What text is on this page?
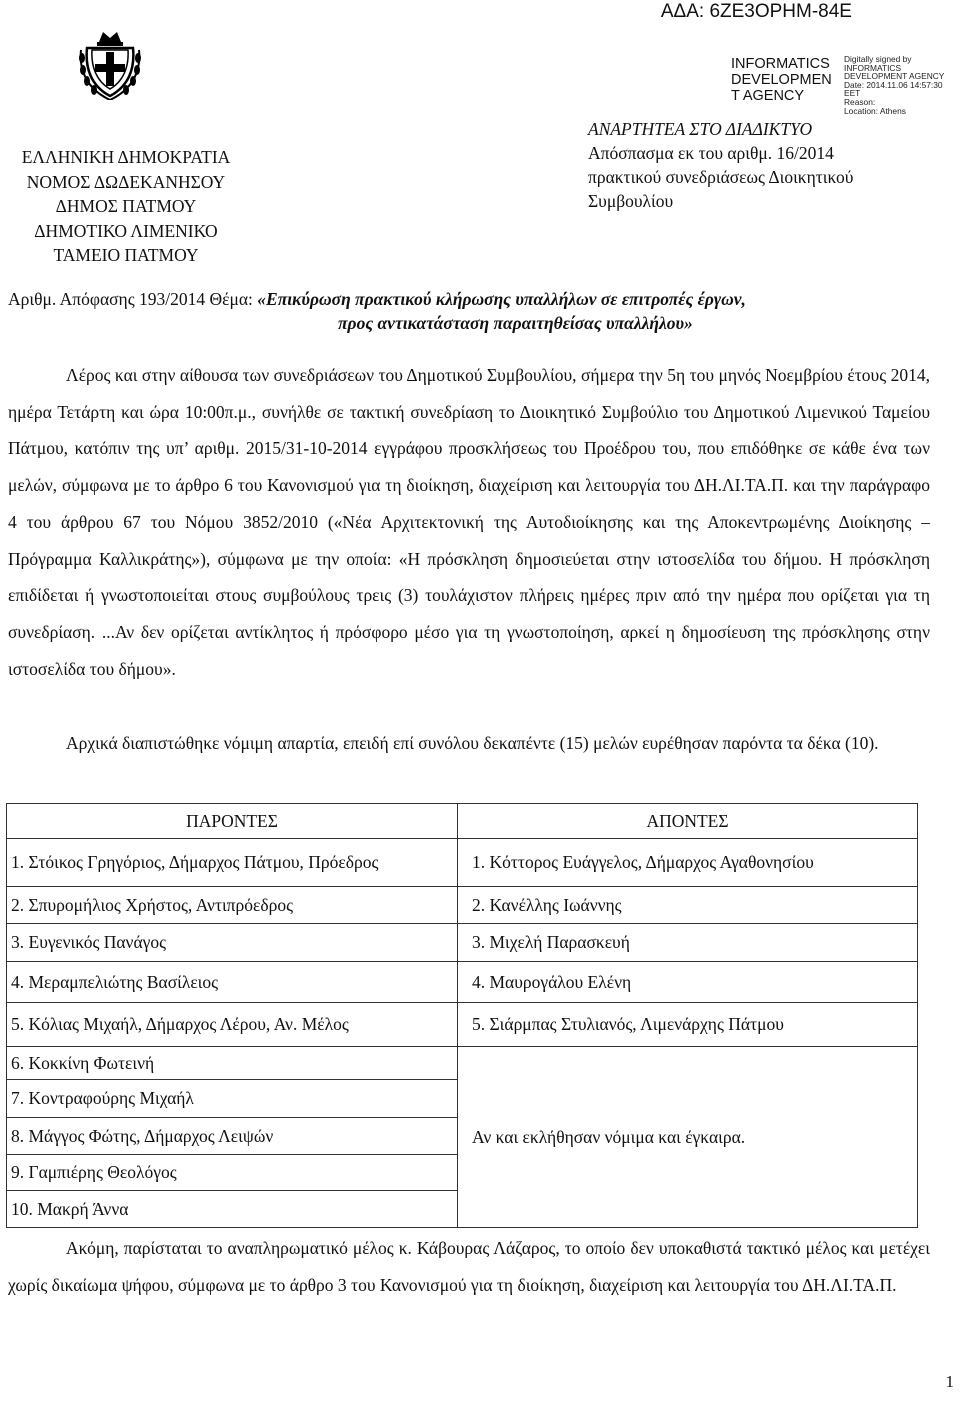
ΑΔΑ: 6ΖΕ3ΟΡΗΜ-84Ε
INFORMATICS
DEVELOPMEN
T AGENCY
Digitally signed by
INFORMATICS
DEVELOPMENT AGENCY
Date: 2014.11.06 14:57:30
EET
Reason:
Location: Athens
ΕΛΛΗΝΙΚΗ ΔΗΜΟΚΡΑΤΙΑ
ΝΟΜΟΣ ΔΩΔΕΚΑΝΗΣΟΥ
ΔΗΜΟΣ ΠΑΤΜΟΥ
ΔΗΜΟΤΙΚΟ ΛΙΜΕΝΙΚΟ
ΤΑΜΕΙΟ ΠΑΤΜΟΥ
ΑΝΑΡΤΗΤΕΑ ΣΤΟ ΔΙΑΔΙΚΤΥΟ
Απόσπασμα εκ του αριθμ. 16/2014
πρακτικού συνεδριάσεως Διοικητικού
Συμβουλίου
Αριθμ. Απόφασης 193/2014 Θέμα: «Επικύρωση πρακτικού κλήρωσης υπαλλήλων σε επιτροπές έργων,
προς αντικατάσταση παραιτηθείσας υπαλλήλου»
Λέρος και στην αίθουσα των συνεδριάσεων του Δημοτικού Συμβουλίου, σήμερα την 5η του μηνός Νοεμβρίου έτους 2014, ημέρα Τετάρτη και ώρα 10:00π.μ., συνήλθε σε τακτική συνεδρίαση το Διοικητικό Συμβούλιο του Δημοτικού Λιμενικού Ταμείου Πάτμου, κατόπιν της υπ’ αριθμ. 2015/31-10-2014 εγγράφου προσκλήσεως του Προέδρου του, που επιδόθηκε σε κάθε ένα των μελών, σύμφωνα με το άρθρο 6 του Κανονισμού για τη διοίκηση, διαχείριση και λειτουργία του ΔΗ.ΛΙ.ΤΑ.Π. και την παράγραφο 4 του άρθρου 67 του Νόμου 3852/2010 («Νέα Αρχιτεκτονική της Αυτοδιοίκησης και της Αποκεντρωμένης Διοίκησης – Πρόγραμμα Καλλικράτης»), σύμφωνα με την οποία: «Η πρόσκληση δημοσιεύεται στην ιστοσελίδα του δήμου. Η πρόσκληση επιδίδεται ή γνωστοποιείται στους συμβούλους τρεις (3) τουλάχιστον πλήρεις ημέρες πριν από την ημέρα που ορίζεται για τη συνεδρίαση. ...Αν δεν ορίζεται αντίκλητος ή πρόσφορο μέσο για τη γνωστοποίηση, αρκεί η δημοσίευση της πρόσκλησης στην ιστοσελίδα του δήμου».
Αρχικά διαπιστώθηκε νόμιμη απαρτία, επειδή επί συνόλου δεκαπέντε (15) μελών ευρέθησαν παρόντα τα δέκα (10).
ΠΑΡΟΝΤΕΣ	ΑΠΟΝΤΕΣ
1. Στόικος Γρηγόριος, Δήμαρχος Πάτμου, Πρόεδρος	1. Κόττορος Ευάγγελος, Δήμαρχος Αγαθονησίου
2. Σπυρομήλιος Χρήστος, Αντιπρόεδρος	2. Κανέλλης Ιωάννης
3. Ευγενικός Πανάγος	3. Μιχελή Παρασκευή
4. Μεραμπελιώτης Βασίλειος	4. Μαυρογάλου Ελένη
5. Κόλιας Μιχαήλ, Δήμαρχος Λέρου, Αν. Μέλος	5. Σιάρμπας Στυλιανός, Λιμενάρχης Πάτμου
6. Κοκκίνη Φωτεινή	Αν και εκλήθησαν νόμιμα και έγκαιρα.
7. Κοντραφούρης Μιχαήλ	
8. Μάγγος Φώτης, Δήμαρχος Λειψών	
9. Γαμπιέρης Θεολόγος	
10. Μακρή Άννα	
Ακόμη, παρίσταται το αναπληρωματικό μέλος κ. Κάβουρας Λάζαρος, το οποίο δεν υποκαθιστά τακτικό μέλος και μετέχει χωρίς δικαίωμα ψήφου, σύμφωνα με το άρθρο 3 του Κανονισμού για τη διοίκηση, διαχείριση και λειτουργία του ΔΗ.ΛΙ.ΤΑ.Π.
1
